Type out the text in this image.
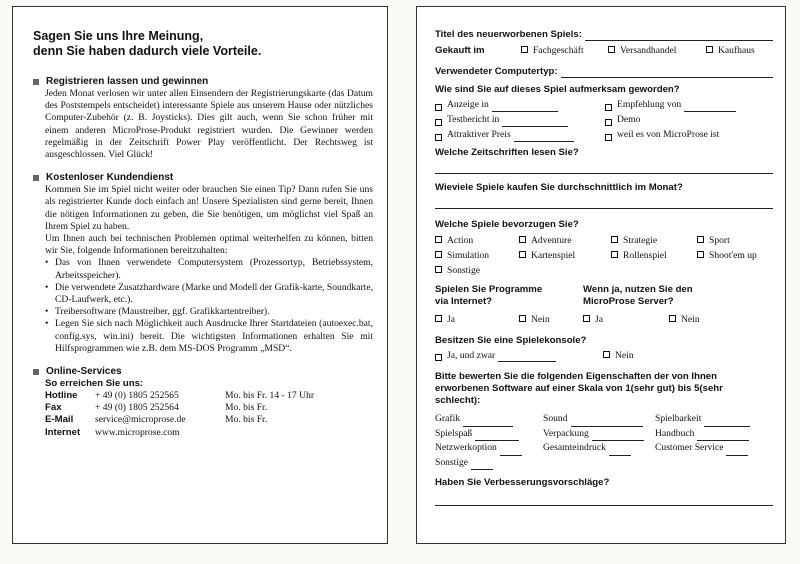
Sagen Sie uns Ihre Meinung,
denn Sie haben dadurch viele Vorteile.
Registrieren lassen und gewinnen
Jeden Monat verlosen wir unter allen Einsendern der Registrierungskarte (das Datum des Poststempels entscheidet) interessante Spiele aus unserem Hause oder nützliches Computer-Zubehör (z. B. Joysticks). Dies gilt auch, wenn Sie schon früher mit einem anderen MicroProse-Produkt registriert wurden. Die Gewinner werden regelmäßig in der Zeitschrift Power Play veröffentlicht. Der Rechtsweg ist ausgeschlossen. Viel Glück!
Kostenloser Kundendienst
Kommen Sie im Spiel nicht weiter oder brauchen Sie einen Tip? Dann rufen Sie uns als registrierter Kunde doch einfach an! Unsere Spezialisten sind gerne bereit, Ihnen die nötigen Informationen zu geben, die Sie benötigen, um möglichst viel Spaß an Ihrem Spiel zu haben.
Um Ihnen auch bei technischen Problemen optimal weiterhelfen zu können, bitten wir Sie, folgende Informationen bereitzuhalten:
• Das von Ihnen verwendete Computersystem (Prozessortyp, Betriebssystem, Arbeitsspeicher).
• Die verwendete Zusatzhardware (Marke und Modell der Grafik-karte, Soundkarte, CD-Laufwerk, etc.).
• Treibersoftware (Maustreiber, ggf. Grafikkartentreiber).
• Legen Sie sich nach Möglichkeit auch Ausdrucke Ihrer Startdateien (autoexec.bat, config.sys, win.ini) bereit. Die wichtigsten Informationen erhalten Sie mit Hilfsprogrammen wie z.B. dem MS-DOS Programm „MSD“.
Online-Services
So erreichen Sie uns:
Hotline	+ 49 (0) 1805 252565	Mo. bis Fr. 14 - 17 Uhr
Fax	+ 49 (0) 1805 252564	Mo. bis Fr.
E-Mail	service@microprose.de	Mo. bis Fr.
Internet	www.microprose.com	
Titel des neuerworbenen Spiels:
Gekauft im	Fachgeschäft	Versandhandel	Kaufhaus
Verwendeter Computertyp:
Wie sind Sie auf dieses Spiel aufmerksam geworden?
Anzeige in	Empfehlung von
Testbericht in	Demo
Attraktiver Preis	weil es von MicroProse ist
Welche Zeitschriften lesen Sie?
Wieviele Spiele kaufen Sie durchschnittlich im Monat?
Welche Spiele bevorzugen Sie?
Action	Adventure	Strategie	Sport
Simulation	Kartenspiel	Rollenspiel	Shoot'em up
Sonstige
Spielen Sie Programme
via Internet?
Wenn ja, nutzen Sie den
MicroProse Server?
Ja	Nein	Ja	Nein
Besitzen Sie eine Spielekonsole?
Ja, und zwar	Nein
Bitte bewerten Sie die folgenden Eigenschaften der von Ihnen erworbenen Software auf einer Skala von 1(sehr gut) bis 5(sehr schlecht):
Grafik	Sound	Spielbarkeit
Spielspaß	Verpackung	Handbuch
Netzwerkoption	Gesamteindruck	Customer Service
Sonstige
Haben Sie Verbesserungsvorschläge?
